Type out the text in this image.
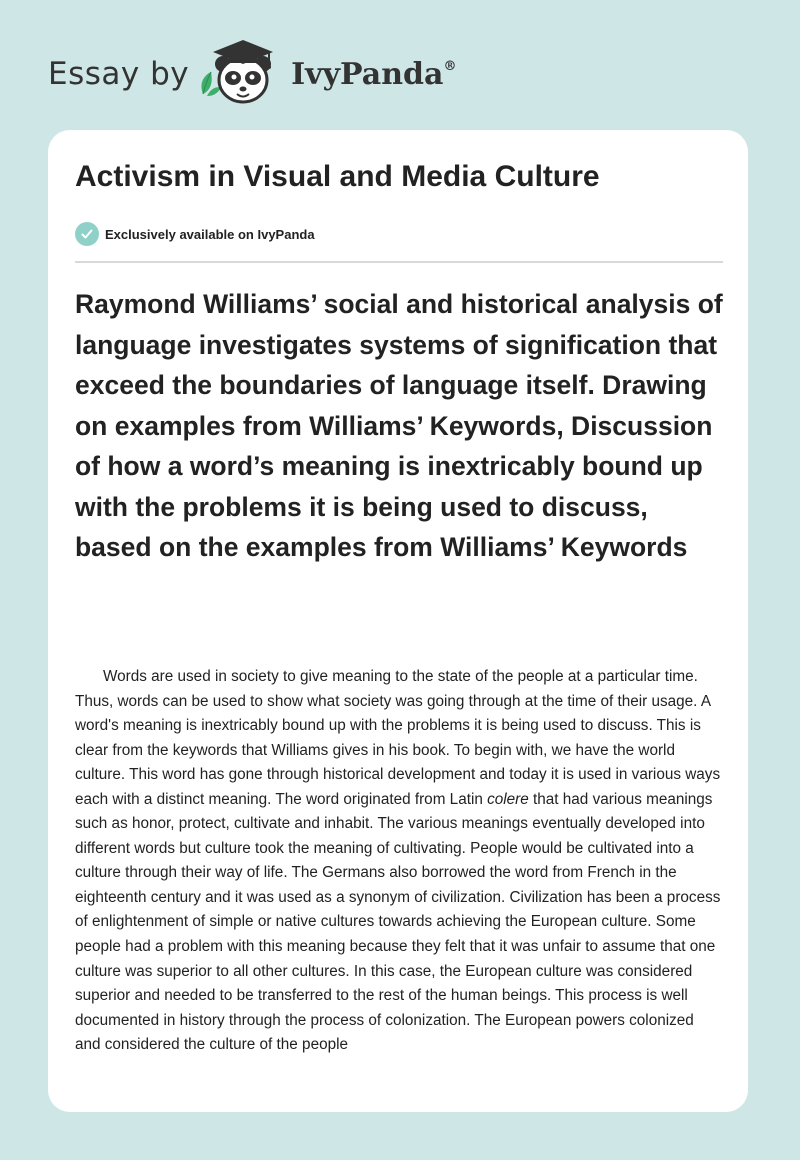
Essay by	IvyPanda®
Activism in Visual and Media Culture
Exclusively available on IvyPanda
Raymond Williams’ social and historical analysis of language investigates systems of signification that exceed the boundaries of language itself. Drawing on examples from Williams’ Keywords, Discussion of how a word’s meaning is inextricably bound up with the problems it is being used to discuss, based on the examples from Williams’ Keywords

Words are used in society to give meaning to the state of the people at a particular time. Thus, words can be used to show what society was going through at the time of their usage. A word's meaning is inextricably bound up with the problems it is being used to discuss. This is clear from the keywords that Williams gives in his book. To begin with, we have the world culture. This word has gone through historical development and today it is used in various ways each with a distinct meaning. The word originated from Latin colere that had various meanings such as honor, protect, cultivate and inhabit. The various meanings eventually developed into different words but culture took the meaning of cultivating. People would be cultivated into a culture through their way of life. The Germans also borrowed the word from French in the eighteenth century and it was used as a synonym of civilization. Civilization has been a process of enlightenment of simple or native cultures towards achieving the European culture. Some people had a problem with this meaning because they felt that it was unfair to assume that one culture was superior to all other cultures. In this case, the European culture was considered superior and needed to be transferred to the rest of the human beings. This process is well documented in history through the process of colonization. The European powers colonized and considered the culture of the people
